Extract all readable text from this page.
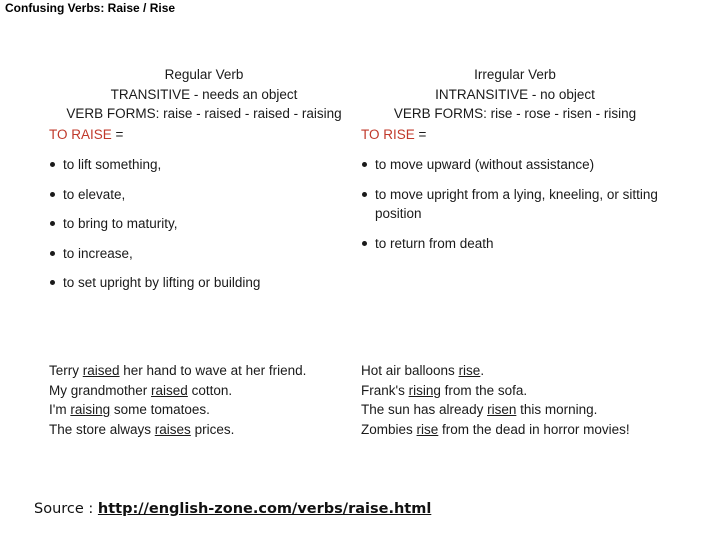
Confusing Verbs: Raise / Rise
Regular Verb
TRANSITIVE - needs an object
VERB FORMS: raise - raised - raised - raising
Irregular Verb
INTRANSITIVE - no object
VERB FORMS: rise - rose - risen - rising
TO RAISE =	TO RISE =
to lift something,
to elevate,
to bring to maturity,
to increase,
to set upright by lifting or building
to move upward (without assistance)
to move upright from a lying, kneeling, or sitting position
to return from death
Terry raised her hand to wave at her friend.
My grandmother raised cotton.
I'm raising some tomatoes.
The store always raises prices.
Hot air balloons rise.
Frank's rising from the sofa.
The sun has already risen this morning.
Zombies rise from the dead in horror movies!
Source : http://english-zone.com/verbs/raise.html
